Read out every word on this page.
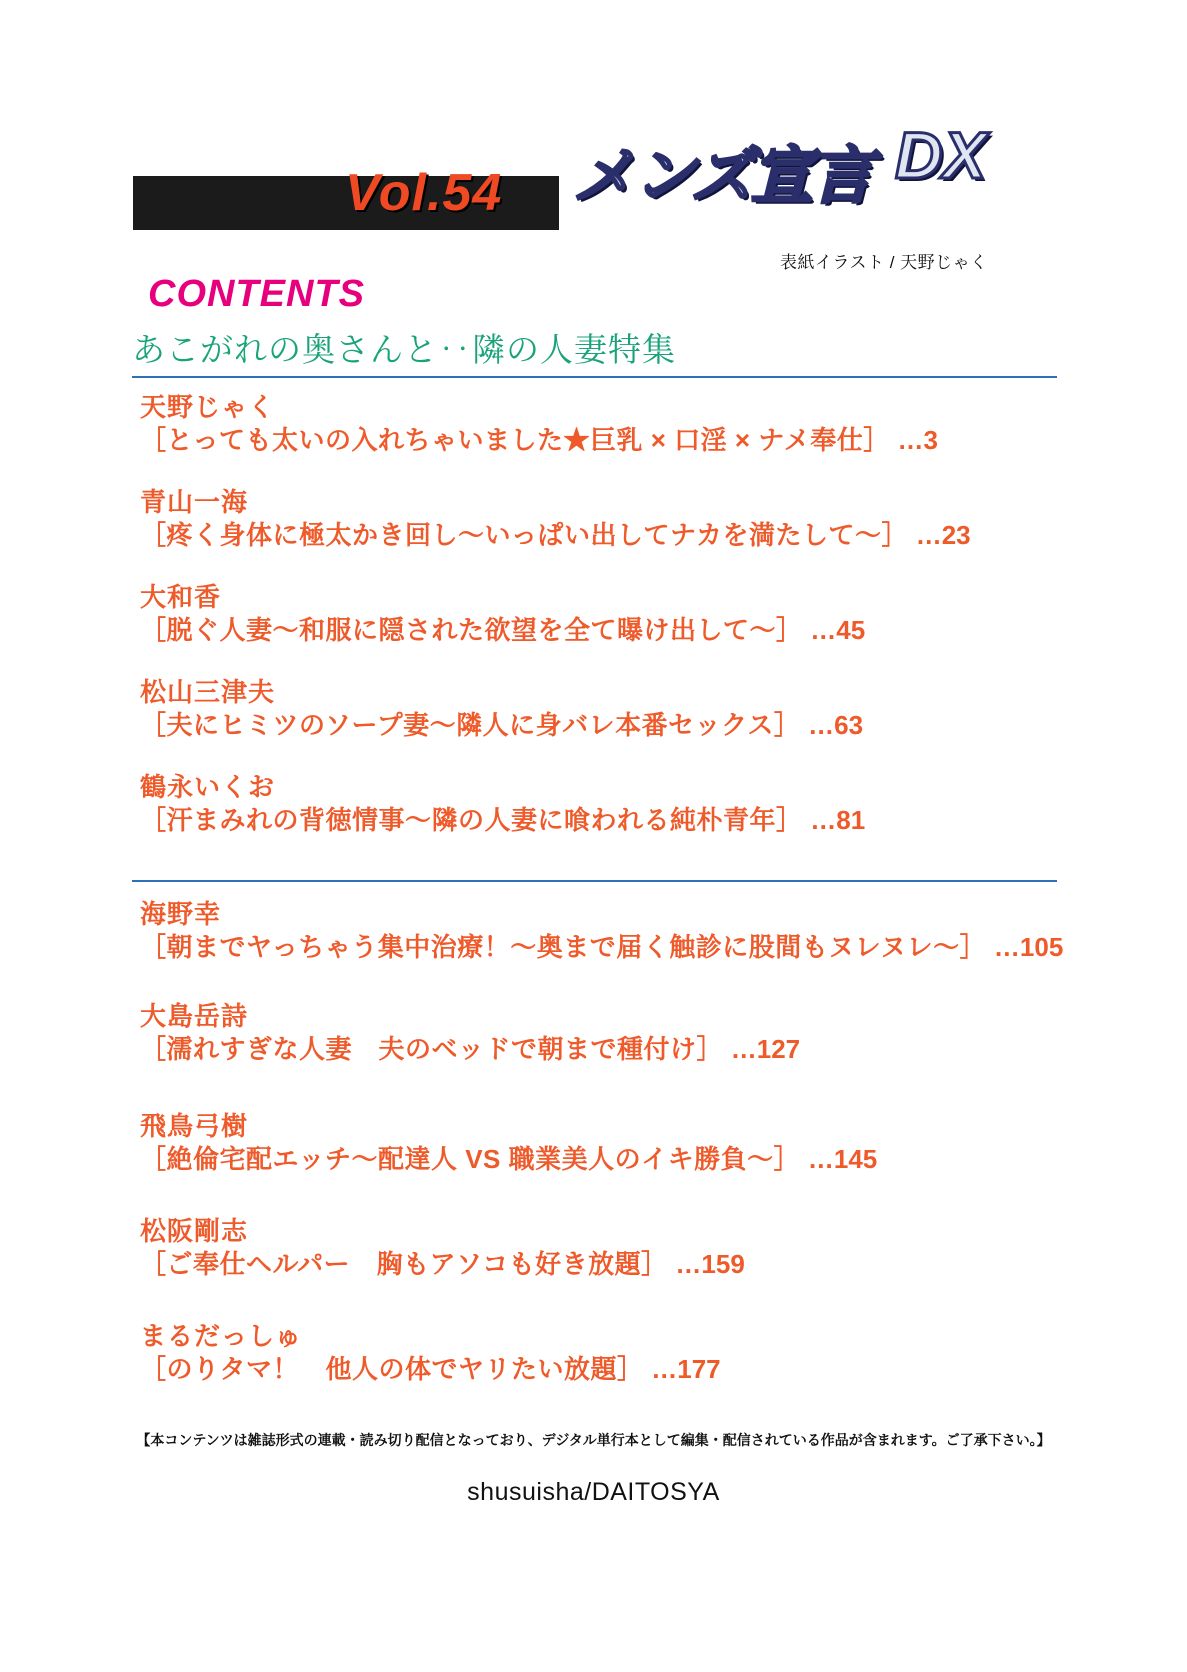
Vol.54 メンズ宣言 DX
表紙イラスト / 天野じゃく
CONTENTS
あこがれの奥さんと‥隣の人妻特集
天野じゃく
［とっても太いの入れちゃいました★巨乳 × 口淫 × ナメ奉仕］ …3
青山一海
［疼く身体に極太かき回し～いっぱい出してナカを満たして～］ …23
大和香
［脱ぐ人妻～和服に隠された欲望を全て曝け出して～］ …45
松山三津夫
［夫にヒミツのソープ妻～隣人に身バレ本番セックス］ …63
鶴永いくお
［汗まみれの背徳情事～隣の人妻に喰われる純朴青年］ …81
海野幸
［朝までヤっちゃう集中治療！～奥まで届く触診に股間もヌレヌレ～］ …105
大島岳詩
［濡れすぎな人妻　夫のベッドで朝まで種付け］ …127
飛鳥弓樹
［絶倫宅配エッチ～配達人 VS 職業美人のイキ勝負～］ …145
松阪剛志
［ご奉仕ヘルパー　胸もアソコも好き放題］ …159
まるだっしゅ
［のりタマ！　他人の体でヤリたい放題］ …177
【本コンテンツは雑誌形式の連載・読み切り配信となっており、デジタル単行本として編集・配信されている作品が含まれます。ご了承下さい。】
shusuisha/DAITOSYA
